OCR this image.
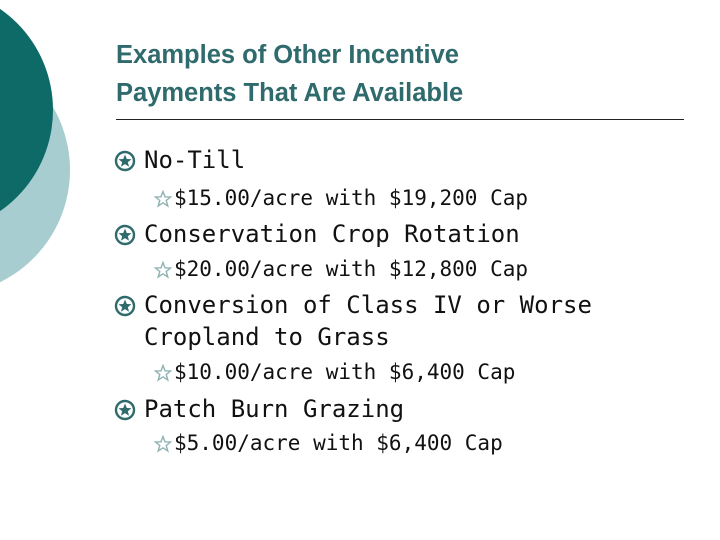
Examples of Other Incentive
Payments That Are Available
No-Till
$15.00/acre with $19,200 Cap
Conservation Crop Rotation
$20.00/acre with $12,800 Cap
Conversion of Class IV or Worse
Cropland to Grass
$10.00/acre with $6,400 Cap
Patch Burn Grazing
$5.00/acre with $6,400 Cap
